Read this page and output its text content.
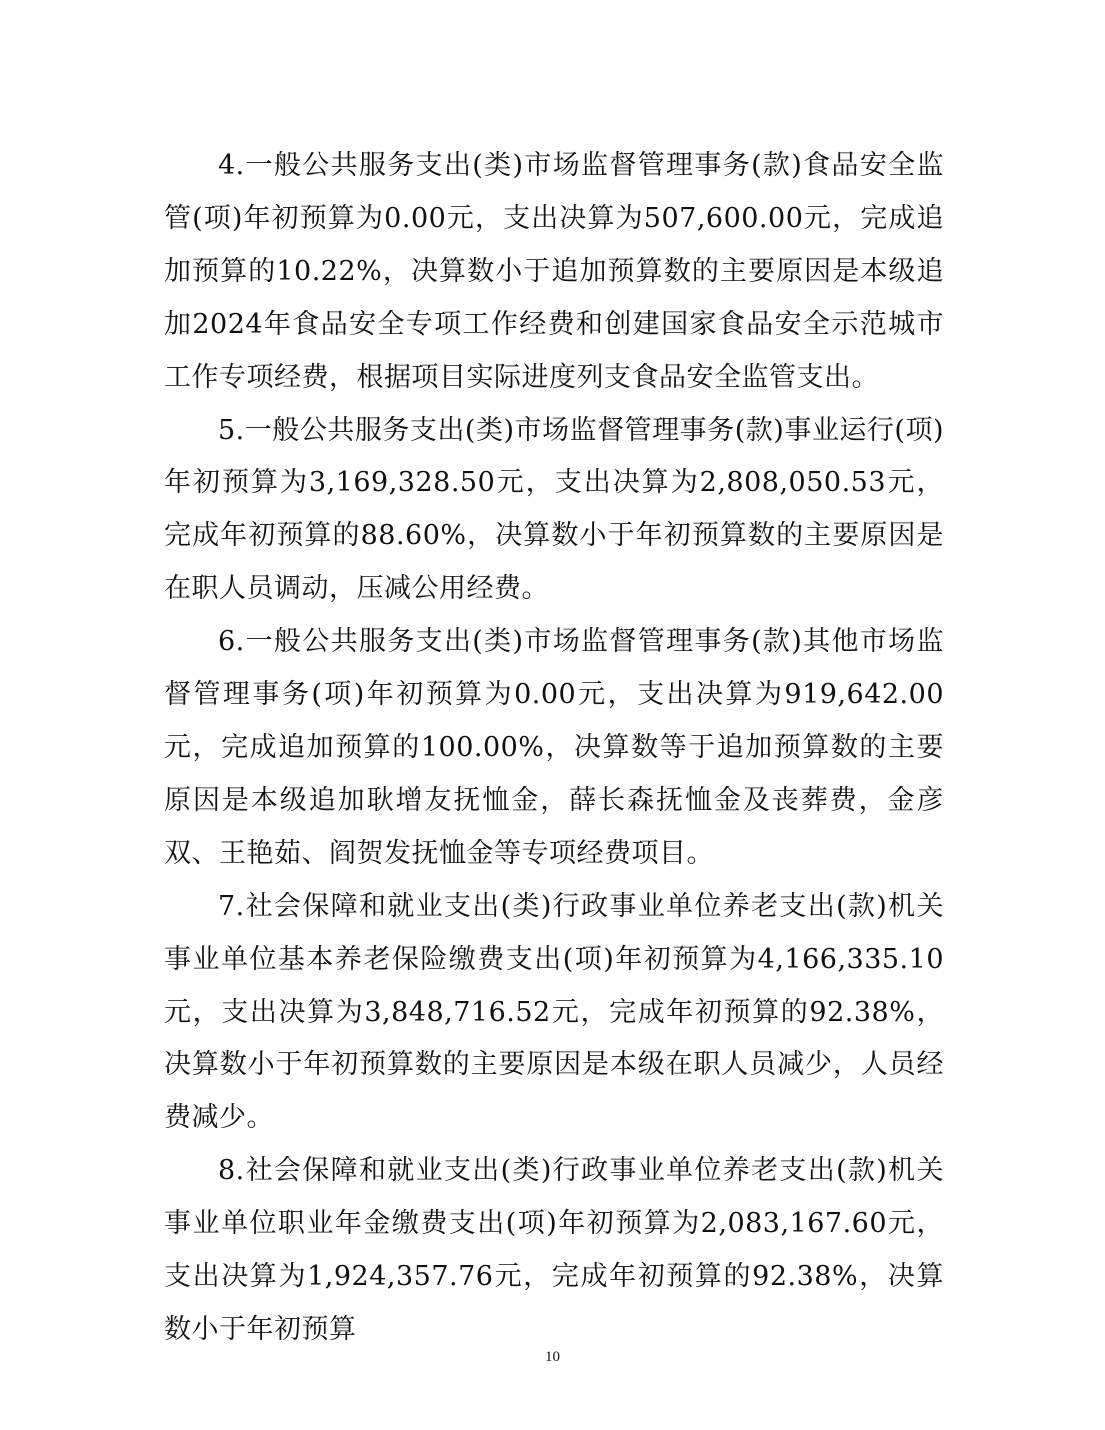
4.一般公共服务支出(类)市场监督管理事务(款)食品安全监管(项)年初预算为0.00元，支出决算为507,600.00元，完成追加预算的10.22%，决算数小于追加预算数的主要原因是本级追加2024年食品安全专项工作经费和创建国家食品安全示范城市工作专项经费，根据项目实际进度列支食品安全监管支出。

5.一般公共服务支出(类)市场监督管理事务(款)事业运行(项)年初预算为3,169,328.50元，支出决算为2,808,050.53元，完成年初预算的88.60%，决算数小于年初预算数的主要原因是在职人员调动，压减公用经费。

6.一般公共服务支出(类)市场监督管理事务(款)其他市场监督管理事务(项)年初预算为0.00元，支出决算为919,642.00元，完成追加预算的100.00%，决算数等于追加预算数的主要原因是本级追加耿增友抚恤金，薛长森抚恤金及丧葬费，金彦双、王艳茹、阎贺发抚恤金等专项经费项目。

7.社会保障和就业支出(类)行政事业单位养老支出(款)机关事业单位基本养老保险缴费支出(项)年初预算为4,166,335.10元，支出决算为3,848,716.52元，完成年初预算的92.38%，决算数小于年初预算数的主要原因是本级在职人员减少，人员经费减少。

8.社会保障和就业支出(类)行政事业单位养老支出(款)机关事业单位职业年金缴费支出(项)年初预算为2,083,167.60元，支出决算为1,924,357.76元，完成年初预算的92.38%，决算数小于年初预算

10
